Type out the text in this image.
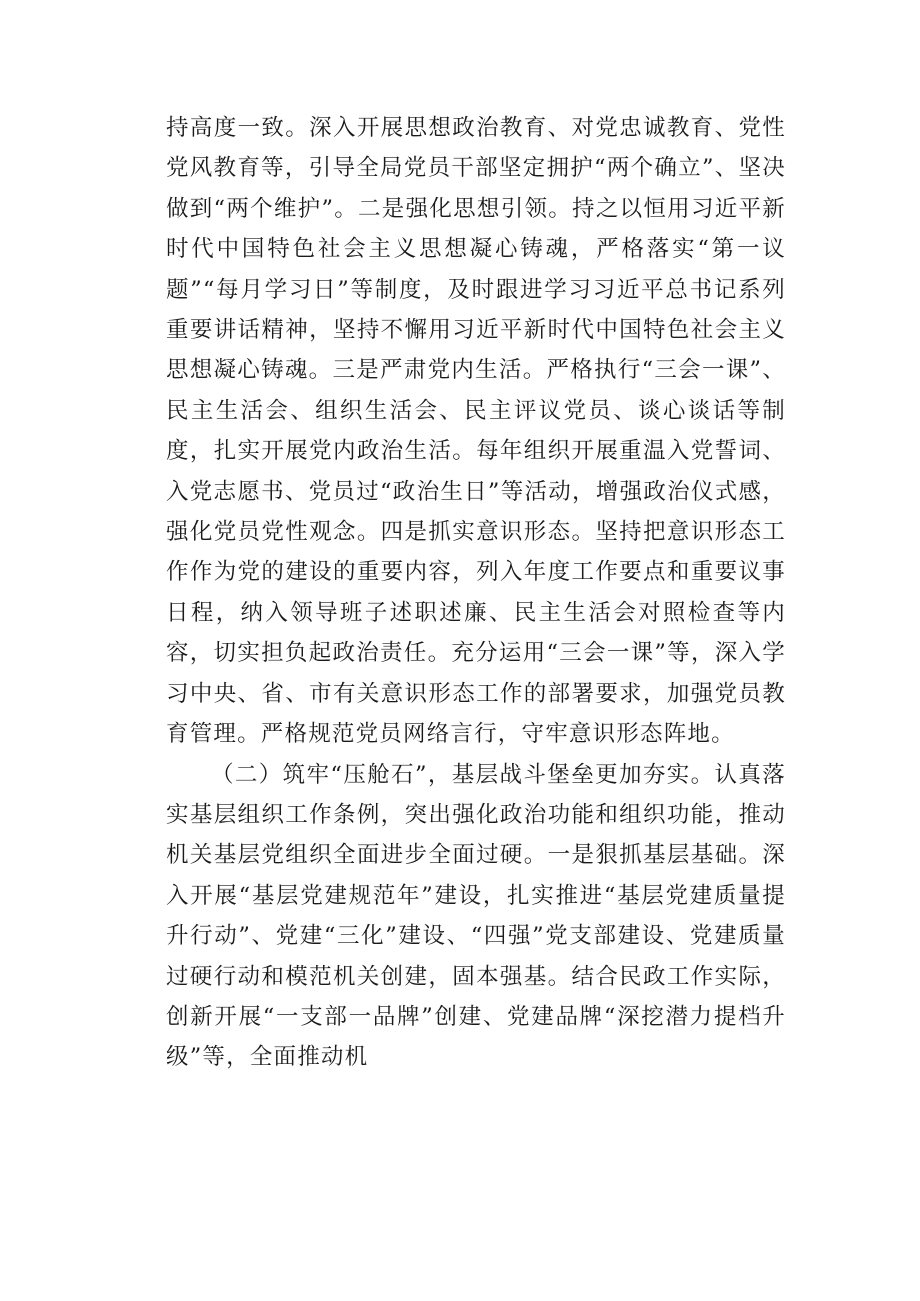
持高度一致。深入开展思想政治教育、对党忠诚教育、党性党风教育等，引导全局党员干部坚定拥护“两个确立”、坚决做到“两个维护”。二是强化思想引领。持之以恒用习近平新时代中国特色社会主义思想凝心铸魂，严格落实“第一议题”“每月学习日”等制度，及时跟进学习习近平总书记系列重要讲话精神，坚持不懈用习近平新时代中国特色社会主义思想凝心铸魂。三是严肃党内生活。严格执行“三会一课”、民主生活会、组织生活会、民主评议党员、谈心谈话等制度，扎实开展党内政治生活。每年组织开展重温入党誓词、入党志愿书、党员过“政治生日”等活动，增强政治仪式感，强化党员党性观念。四是抓实意识形态。坚持把意识形态工作作为党的建设的重要内容，列入年度工作要点和重要议事日程，纳入领导班子述职述廉、民主生活会对照检查等内容，切实担负起政治责任。充分运用“三会一课”等，深入学习中央、省、市有关意识形态工作的部署要求，加强党员教育管理。严格规范党员网络言行，守牢意识形态阵地。

（二）筑牢“压舱石”，基层战斗堡垒更加夯实。认真落实基层组织工作条例，突出强化政治功能和组织功能，推动机关基层党组织全面进步全面过硬。一是狠抓基层基础。深入开展“基层党建规范年”建设，扎实推进“基层党建质量提升行动”、党建“三化”建设、“四强”党支部建设、党建质量过硬行动和模范机关创建，固本强基。结合民政工作实际，创新开展“一支部一品牌”创建、党建品牌“深挖潜力提档升级”等，全面推动机
